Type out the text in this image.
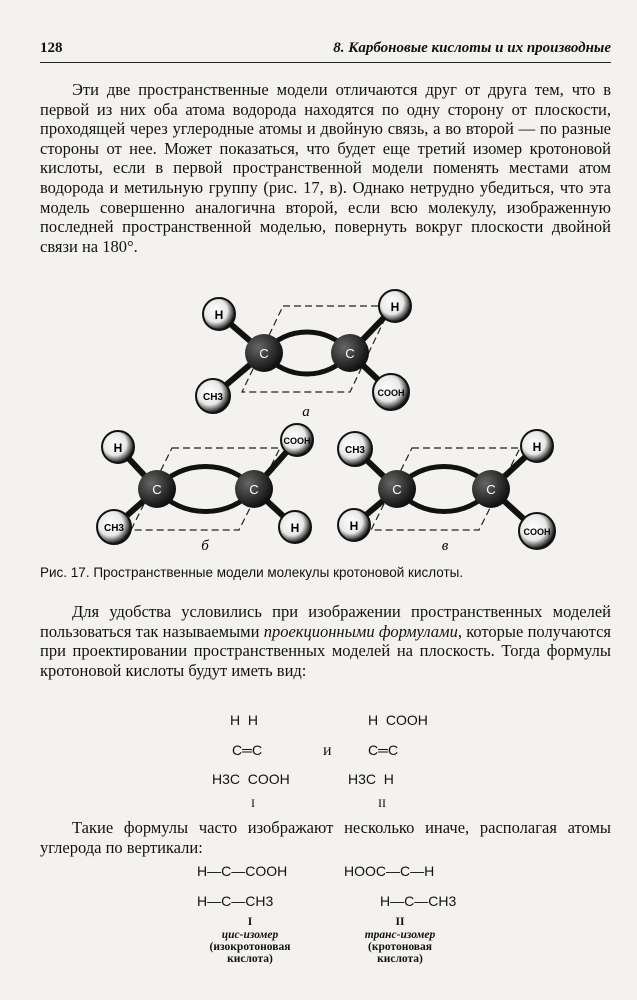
128	8. Карбоновые кислоты и их производные

Эти две пространственные модели отличаются друг от друга тем, что в первой из них оба атома водорода находятся по одну сторону от плоскости, проходящей через углеродные атомы и двойную связь, а во второй — по разные стороны от нее. Может показаться, что будет еще третий изомер кротоновой кислоты, если в первой пространственной модели поменять местами атом водорода и метильную группу (рис. 17, в). Однако нетрудно убедиться, что эта модель совершенно аналогична второй, если всю молекулу, изображенную последней пространственной моделью, повернуть вокруг плоскости двойной связи на 180°.

C	C
H
CH3
H
COOH
а
C	C
H
CH3
COOH
H
б
C	C
CH3
H
H
COOH
в
Рис. 17. Пространственные модели молекулы кротоновой кислоты.

Для удобства условились при изображении пространственных моделей пользоваться так называемыми проекционными формулами, которые получаются при проектировании пространственных моделей на плоскость. Тогда формулы кротоновой кислоты будут иметь вид:

H  H
C═C
H3C  COOH
I
и
H  COOH
C═C
H3C  H
II

Такие формулы часто изображают несколько иначе, располагая атомы углерода по вертикали:

H—C—COOH
H—C—CH3
I
цис-изомер
(изокротоновая
кислота)
HOOC—C—H
H—C—CH3
II
транс-изомер
(кротоновая
кислота)
